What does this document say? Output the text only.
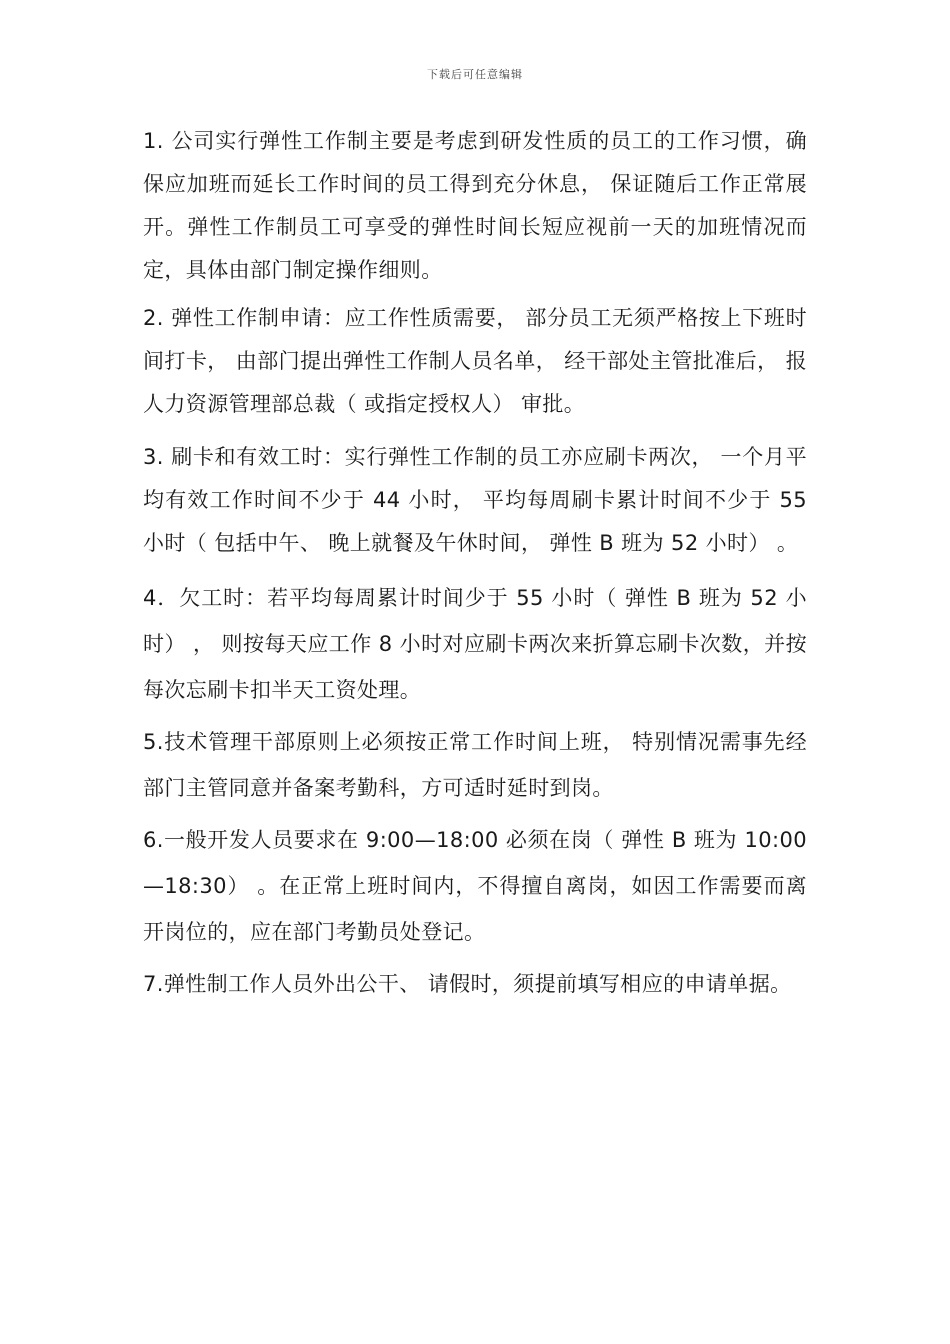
下载后可任意编辑

1. 公司实行弹性工作制主要是考虑到研发性质的员工的工作习惯，确保应加班而延长工作时间的员工得到充分休息， 保证随后工作正常展开。弹性工作制员工可享受的弹性时间长短应视前一天的加班情况而定，具体由部门制定操作细则。

2. 弹性工作制申请：应工作性质需要， 部分员工无须严格按上下班时间打卡， 由部门提出弹性工作制人员名单， 经干部处主管批准后， 报人力资源管理部总裁（ 或指定授权人） 审批。

3. 刷卡和有效工时：实行弹性工作制的员工亦应刷卡两次， 一个月平均有效工作时间不少于 44 小时， 平均每周刷卡累计时间不少于 55 小时（ 包括中午、 晚上就餐及午休时间， 弹性 B 班为 52 小时） 。

4．欠工时：若平均每周累计时间少于 55 小时（ 弹性 B 班为 52 小时） ， 则按每天应工作 8 小时对应刷卡两次来折算忘刷卡次数，并按每次忘刷卡扣半天工资处理。

5.技术管理干部原则上必须按正常工作时间上班， 特别情况需事先经部门主管同意并备案考勤科，方可适时延时到岗。

6.一般开发人员要求在 9:00—18:00 必须在岗（ 弹性 B 班为 10:00—18:30） 。在正常上班时间内，不得擅自离岗，如因工作需要而离开岗位的，应在部门考勤员处登记。

7.弹性制工作人员外出公干、 请假时，须提前填写相应的申请单据。
